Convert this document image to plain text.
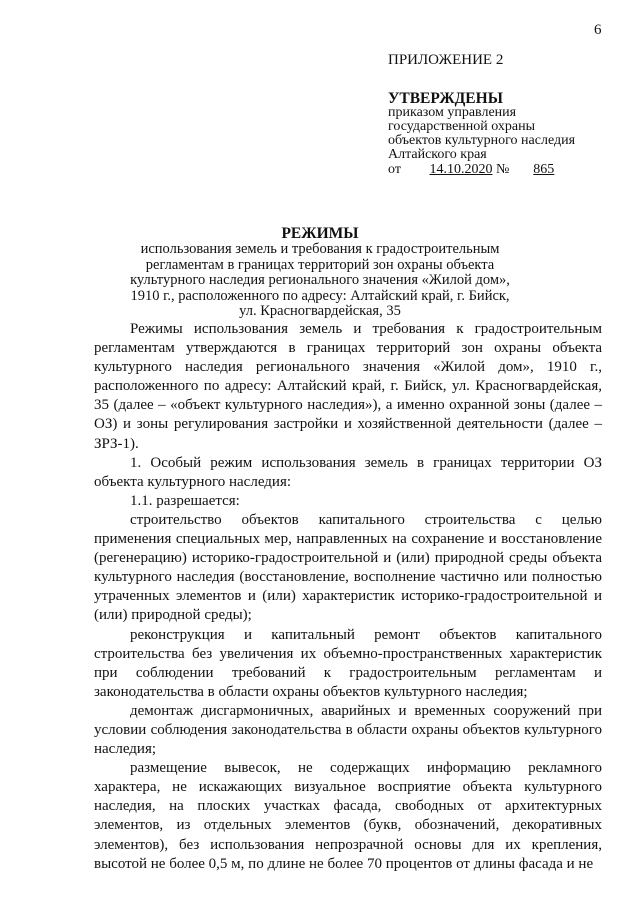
6
ПРИЛОЖЕНИЕ 2
УТВЕРЖДЕНЫ
приказом управления
государственной охраны
объектов культурного наследия
Алтайского края
от 14.10.2020 № 865
РЕЖИМЫ
использования земель и требования к градостроительным
регламентам в границах территорий зон охраны объекта
культурного наследия регионального значения «Жилой дом»,
1910 г., расположенного по адресу: Алтайский край, г. Бийск,
ул. Красногвардейская, 35

Режимы использования земель и требования к градостроительным регламентам утверждаются в границах территорий зон охраны объекта культурного наследия регионального значения «Жилой дом», 1910 г., расположенного по адресу: Алтайский край, г. Бийск, ул. Красногвардейская, 35 (далее – «объект культурного наследия»), а именно охранной зоны (далее – ОЗ) и зоны регулирования застройки и хозяйственной деятельности (далее – ЗРЗ-1).

1. Особый режим использования земель в границах территории ОЗ объекта культурного наследия:

1.1. разрешается:

строительство объектов капитального строительства с целью применения специальных мер, направленных на сохранение и восстановление (регенерацию) историко-градостроительной и (или) природной среды объекта культурного наследия (восстановление, восполнение частично или полностью утраченных элементов и (или) характеристик историко-градостроительной и (или) природной среды);

реконструкция и капитальный ремонт объектов капитального строительства без увеличения их объемно-пространственных характеристик при соблюдении требований к градостроительным регламентам и законодательства в области охраны объектов культурного наследия;

демонтаж дисгармоничных, аварийных и временных сооружений при условии соблюдения законодательства в области охраны объектов культурного наследия;

размещение вывесок, не содержащих информацию рекламного характера, не искажающих визуальное восприятие объекта культурного наследия, на плоских участках фасада, свободных от архитектурных элементов, из отдельных элементов (букв, обозначений, декоративных элементов), без использования непрозрачной основы для их крепления, высотой не более 0,5 м, по длине не более 70 процентов от длины фасада и не
